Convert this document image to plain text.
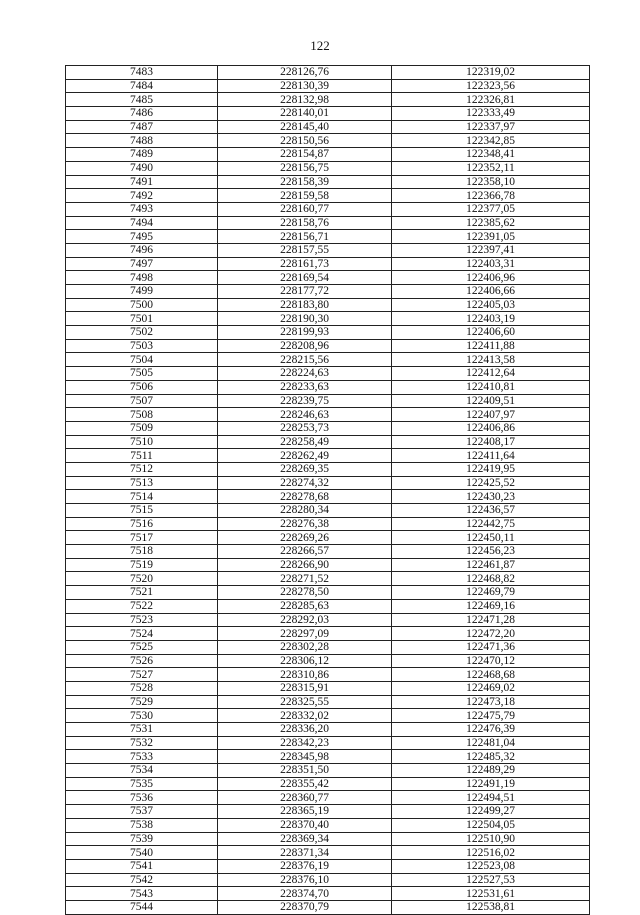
122
7483	228126,76	122319,02
7484	228130,39	122323,56
7485	228132,98	122326,81
7486	228140,01	122333,49
7487	228145,40	122337,97
7488	228150,56	122342,85
7489	228154,87	122348,41
7490	228156,75	122352,11
7491	228158,39	122358,10
7492	228159,58	122366,78
7493	228160,77	122377,05
7494	228158,76	122385,62
7495	228156,71	122391,05
7496	228157,55	122397,41
7497	228161,73	122403,31
7498	228169,54	122406,96
7499	228177,72	122406,66
7500	228183,80	122405,03
7501	228190,30	122403,19
7502	228199,93	122406,60
7503	228208,96	122411,88
7504	228215,56	122413,58
7505	228224,63	122412,64
7506	228233,63	122410,81
7507	228239,75	122409,51
7508	228246,63	122407,97
7509	228253,73	122406,86
7510	228258,49	122408,17
7511	228262,49	122411,64
7512	228269,35	122419,95
7513	228274,32	122425,52
7514	228278,68	122430,23
7515	228280,34	122436,57
7516	228276,38	122442,75
7517	228269,26	122450,11
7518	228266,57	122456,23
7519	228266,90	122461,87
7520	228271,52	122468,82
7521	228278,50	122469,79
7522	228285,63	122469,16
7523	228292,03	122471,28
7524	228297,09	122472,20
7525	228302,28	122471,36
7526	228306,12	122470,12
7527	228310,86	122468,68
7528	228315,91	122469,02
7529	228325,55	122473,18
7530	228332,02	122475,79
7531	228336,20	122476,39
7532	228342,23	122481,04
7533	228345,98	122485,32
7534	228351,50	122489,29
7535	228355,42	122491,19
7536	228360,77	122494,51
7537	228365,19	122499,27
7538	228370,40	122504,05
7539	228369,34	122510,90
7540	228371,34	122516,02
7541	228376,19	122523,08
7542	228376,10	122527,53
7543	228374,70	122531,61
7544	228370,79	122538,81
